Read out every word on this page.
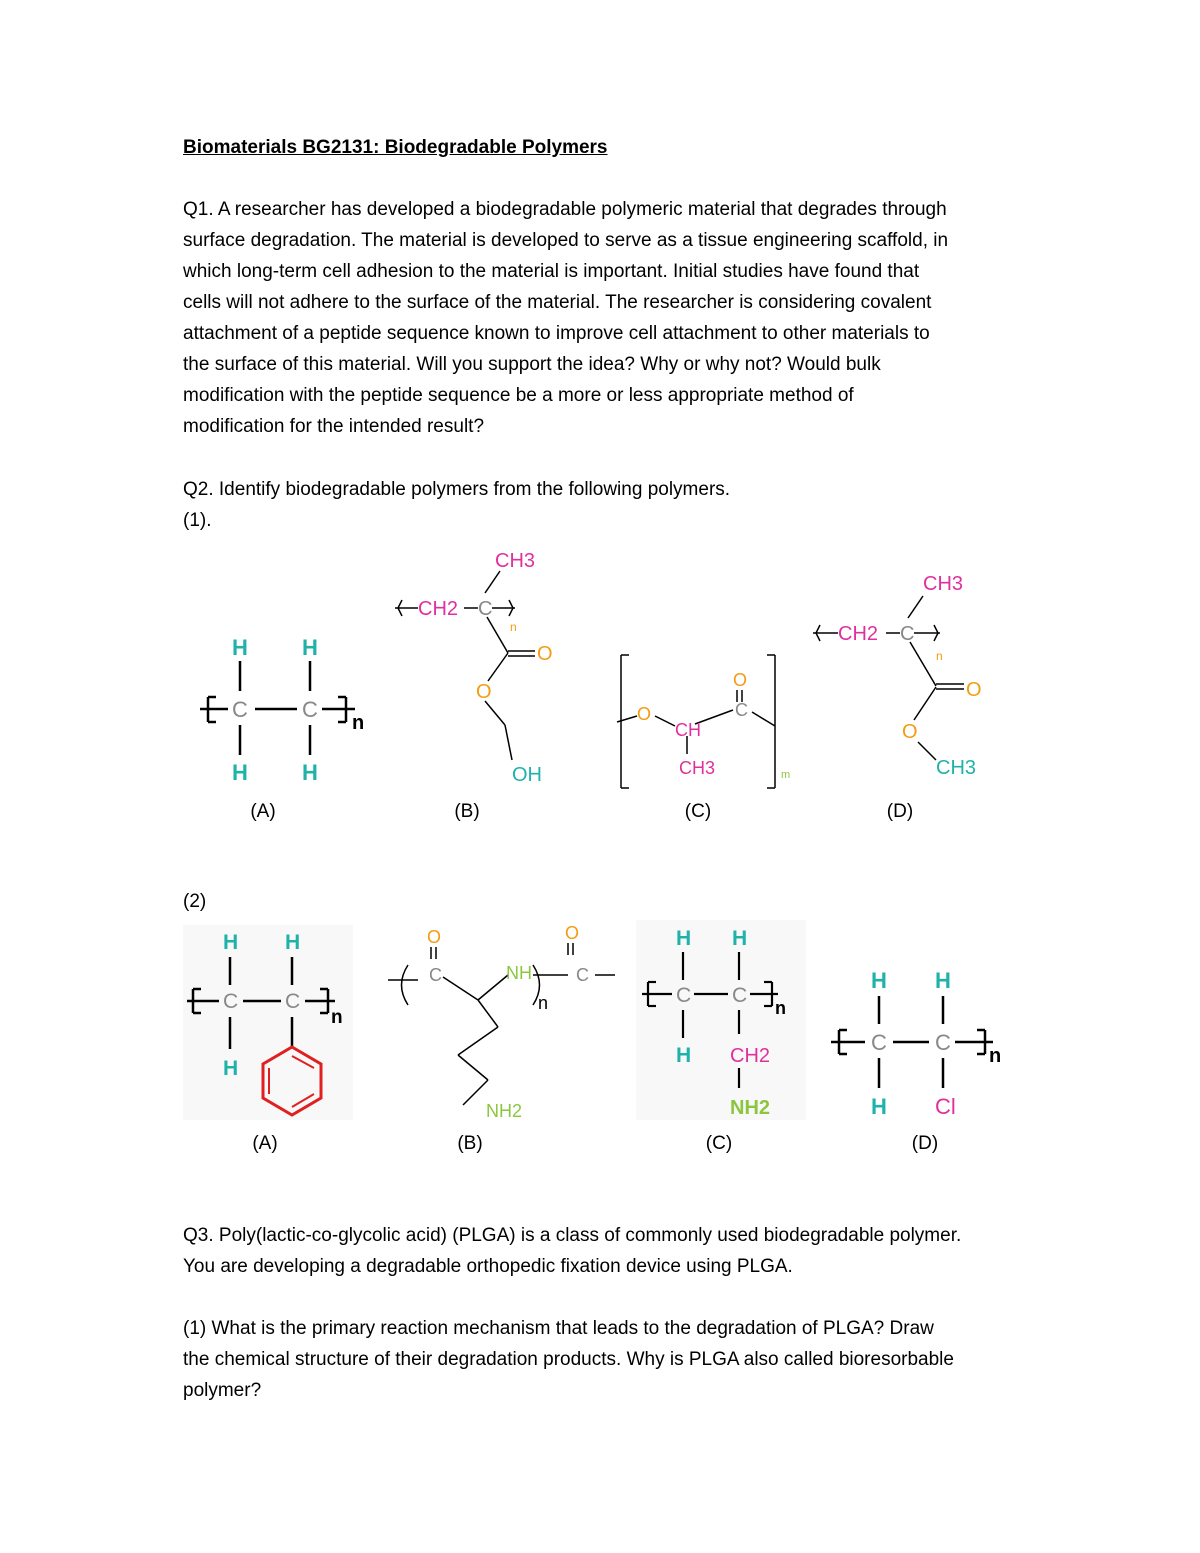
Biomaterials BG2131: Biodegradable Polymers
Q1. A researcher has developed a biodegradable polymeric material that degrades through
surface degradation. The material is developed to serve as a tissue engineering scaffold, in
which long-term cell adhesion to the material is important. Initial studies have found that
cells will not adhere to the surface of the material. The researcher is considering covalent
attachment of a peptide sequence known to improve cell attachment to other materials to
the surface of this material. Will you support the idea? Why or why not? Would bulk
modification with the peptide sequence be a more or less appropriate method of
modification for the intended result?
Q2. Identify biodegradable polymers from the following polymers.
(1).
H H
H H
C C
n
CH3
CH2 C
n
O
O
OH
O
CH
CH3
O
C
m
CH3
CH2 C
n
O
O
CH3
(A)	(B)	(C)	(D)
(2)
H H
H
C C
n
O
C	NH
n
O
C
NH2
H H
H
C C
n
CH2
NH2
H H
H
C C
Cl
n
(A)	(B)	(C)	(D)
Q3. Poly(lactic-co-glycolic acid) (PLGA) is a class of commonly used biodegradable polymer.
You are developing a degradable orthopedic fixation device using PLGA.
(1) What is the primary reaction mechanism that leads to the degradation of PLGA? Draw
the chemical structure of their degradation products. Why is PLGA also called bioresorbable
polymer?
